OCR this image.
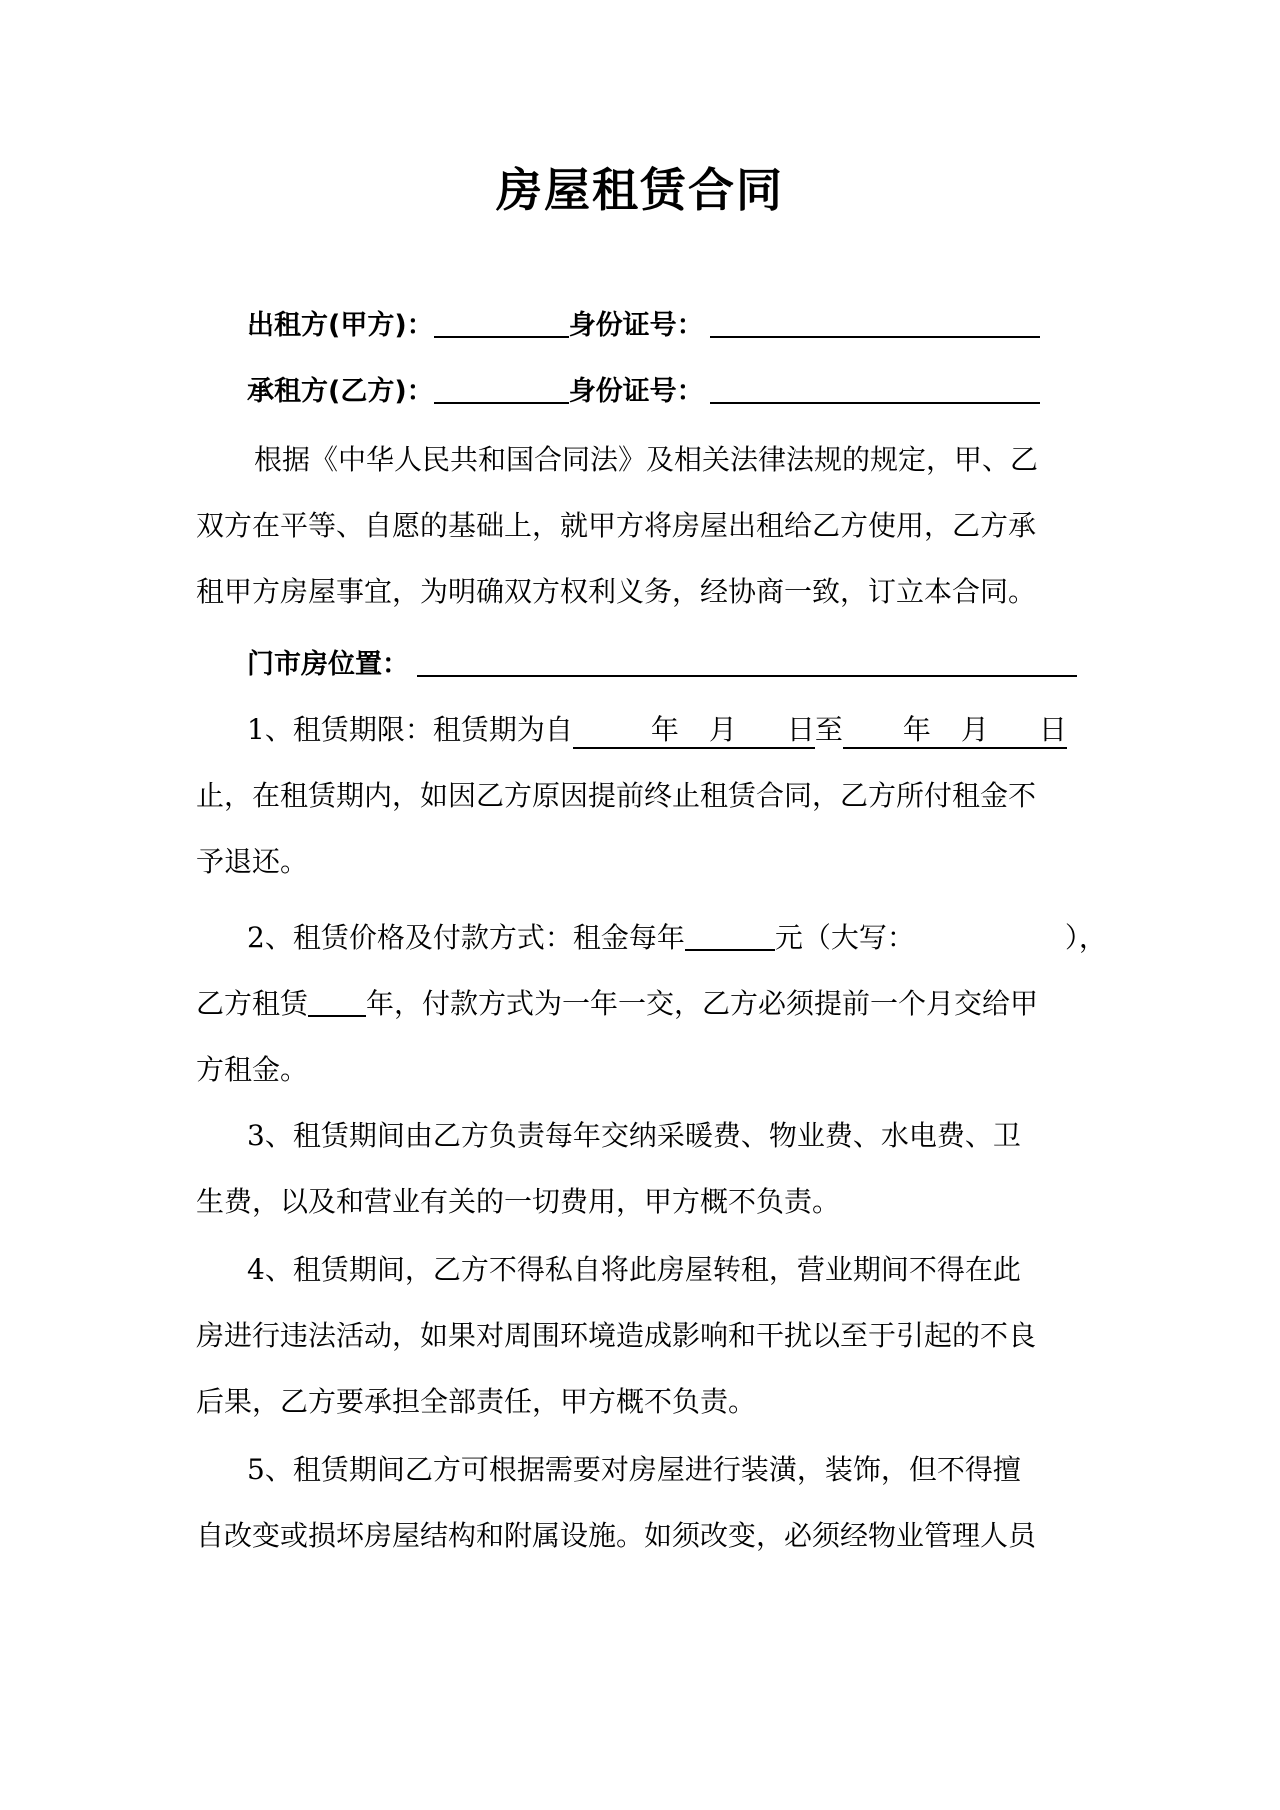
房屋租赁合同
出租方(甲方)：	身份证号：
承租方(乙方)：	身份证号：
根据《中华人民共和国合同法》及相关法律法规的规定，甲、乙
双方在平等、自愿的基础上，就甲方将房屋出租给乙方使用，乙方承
租甲方房屋事宜，为明确双方权利义务，经协商一致，订立本合同。
门市房位置：
1、租赁期限：租赁期为自	年 月 日至 年 月 日
止，在租赁期内，如因乙方原因提前终止租赁合同，乙方所付租金不
予退还。
2、租赁价格及付款方式：租金每年	元（大写：	），
乙方租赁 年，付款方式为一年一交，乙方必须提前一个月交给甲
方租金。
3、租赁期间由乙方负责每年交纳采暖费、物业费、水电费、卫
生费，以及和营业有关的一切费用，甲方概不负责。
4、租赁期间，乙方不得私自将此房屋转租，营业期间不得在此
房进行违法活动，如果对周围环境造成影响和干扰以至于引起的不良
后果，乙方要承担全部责任，甲方概不负责。
5、租赁期间乙方可根据需要对房屋进行装潢，装饰，但不得擅
自改变或损坏房屋结构和附属设施。如须改变，必须经物业管理人员
